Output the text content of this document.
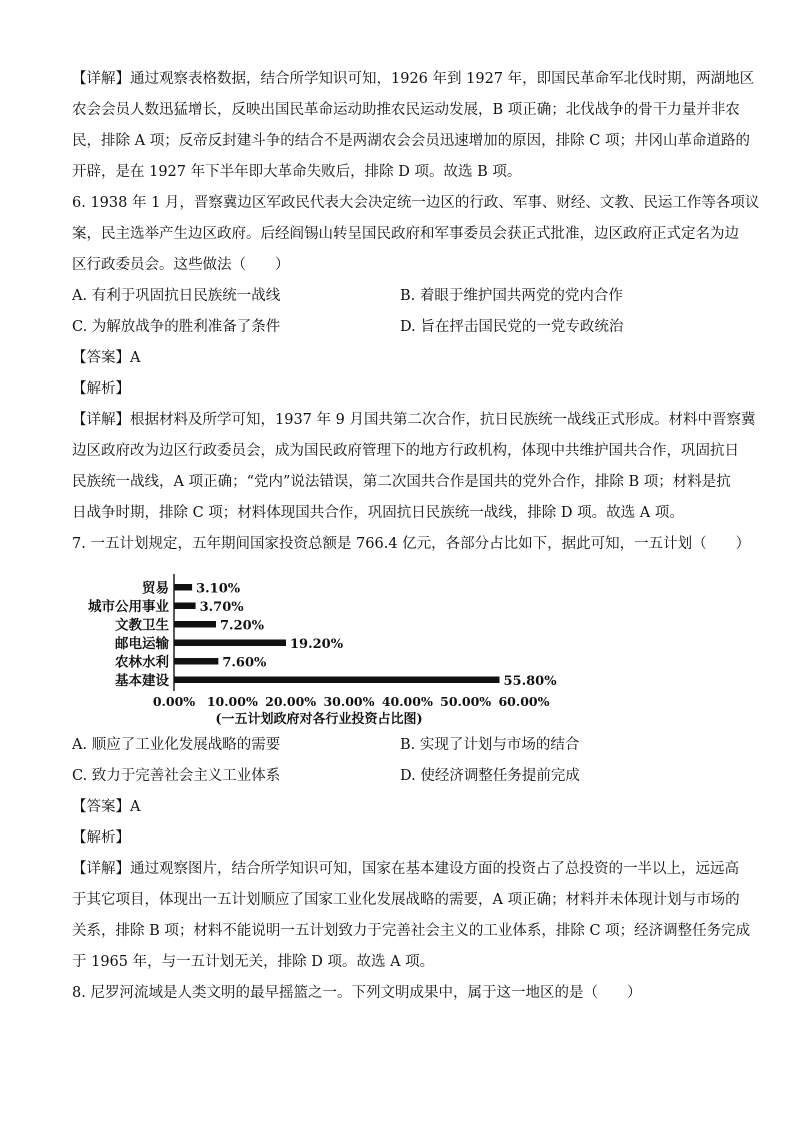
【详解】通过观察表格数据，结合所学知识可知，1926 年到 1927 年，即国民革命军北伐时期，两湖地区
农会会员人数迅猛增长，反映出国民革命运动助推农民运动发展，B 项正确；北伐战争的骨干力量并非农
民，排除 A 项；反帝反封建斗争的结合不是两湖农会会员迅速增加的原因，排除 C 项；井冈山革命道路的
开辟，是在 1927 年下半年即大革命失败后，排除 D 项。故选 B 项。
6. 1938 年 1 月，晋察冀边区军政民代表大会决定统一边区的行政、军事、财经、文教、民运工作等各项议
案，民主选举产生边区政府。后经阎锡山转呈国民政府和军事委员会获正式批准，边区政府正式定名为边
区行政委员会。这些做法（　　）
A. 有利于巩固抗日民族统一战线	B. 着眼于维护国共两党的党内合作
C. 为解放战争的胜利准备了条件	D. 旨在抨击国民党的一党专政统治
【答案】A
【解析】
【详解】根据材料及所学可知，1937 年 9 月国共第二次合作，抗日民族统一战线正式形成。材料中晋察冀
边区政府改为边区行政委员会，成为国民政府管理下的地方行政机构，体现中共维护国共合作，巩固抗日
民族统一战线，A 项正确；“党内”说法错误，第二次国共合作是国共的党外合作，排除 B 项；材料是抗
日战争时期，排除 C 项；材料体现国共合作，巩固抗日民族统一战线，排除 D 项。故选 A 项。
7. 一五计划规定，五年期间国家投资总额是 766.4 亿元，各部分占比如下，据此可知，一五计划（　　）
贸易 3.10%
城市公用事业 3.70%
文教卫生	7.20%
邮电运输	19.20%
农林水利	7.60%
基本建设	55.80%
0.00% 10.00% 20.00% 30.00% 40.00% 50.00% 60.00%
(一五计划政府对各行业投资占比图)
A. 顺应了工业化发展战略的需要	B. 实现了计划与市场的结合
C. 致力于完善社会主义工业体系	D. 使经济调整任务提前完成
【答案】A
【解析】
【详解】通过观察图片，结合所学知识可知，国家在基本建设方面的投资占了总投资的一半以上，远远高
于其它项目，体现出一五计划顺应了国家工业化发展战略的需要，A 项正确；材料并未体现计划与市场的
关系，排除 B 项；材料不能说明一五计划致力于完善社会主义的工业体系，排除 C 项；经济调整任务完成
于 1965 年，与一五计划无关，排除 D 项。故选 A 项。
8. 尼罗河流域是人类文明的最早摇篮之一。下列文明成果中，属于这一地区的是（　　）
